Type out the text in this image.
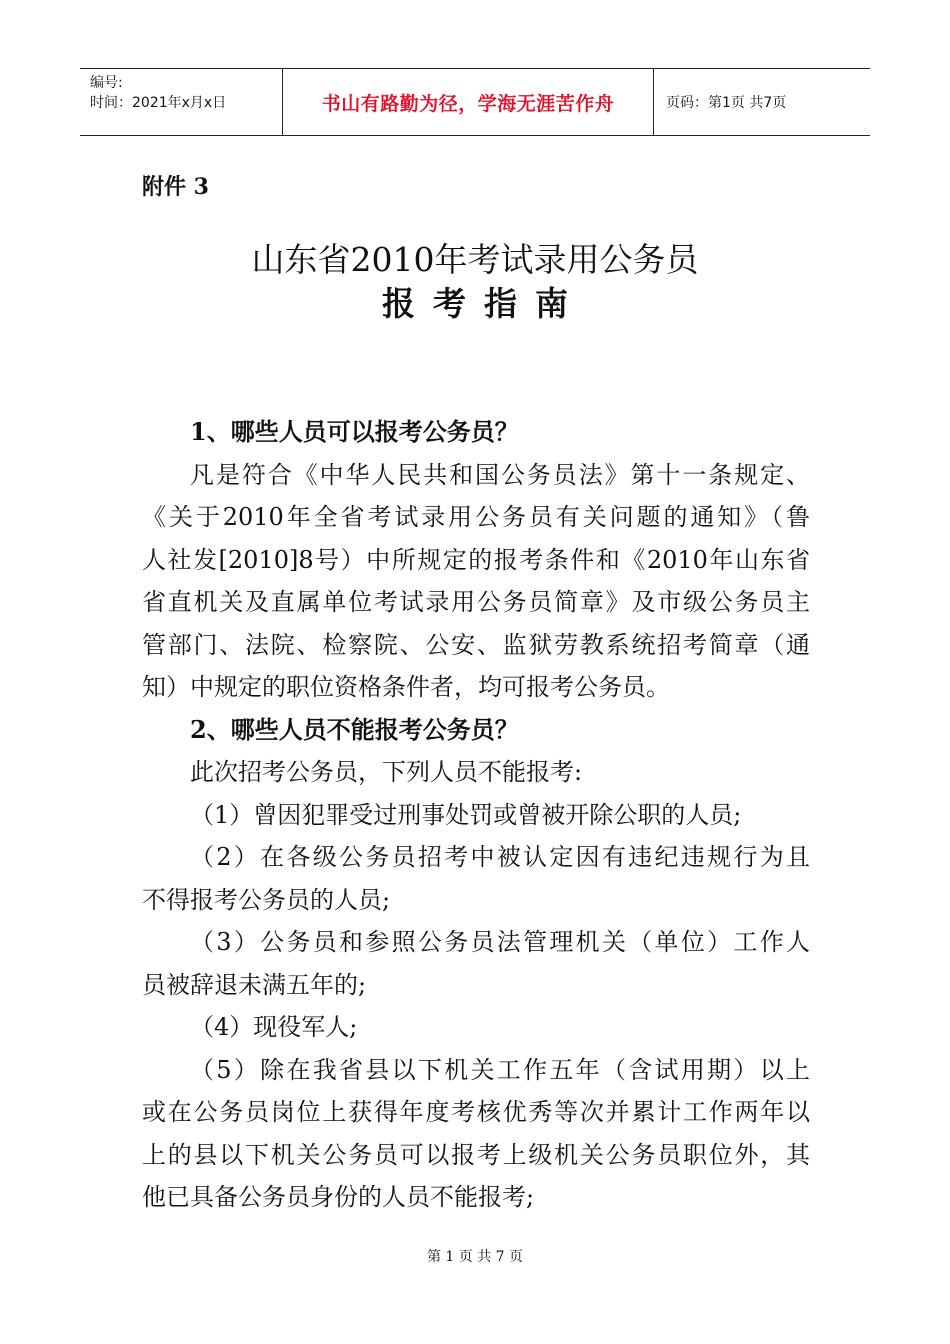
编号:
时间：2021年x月x日	书山有路勤为径，学海无涯苦作舟	页码：第1页 共7页
附件 3
山东省2010年考试录用公务员
报考指南
1、哪些人员可以报考公务员？
凡是符合《中华人民共和国公务员法》第十一条规定、
《关于2010年全省考试录用公务员有关问题的通知》（鲁
人社发[2010]8号）中所规定的报考条件和《2010年山东省
省直机关及直属单位考试录用公务员简章》及市级公务员主
管部门、法院、检察院、公安、监狱劳教系统招考简章（通
知）中规定的职位资格条件者，均可报考公务员。
2、哪些人员不能报考公务员？
此次招考公务员，下列人员不能报考:
（1）曾因犯罪受过刑事处罚或曾被开除公职的人员;
（2）在各级公务员招考中被认定因有违纪违规行为且
不得报考公务员的人员;
（3）公务员和参照公务员法管理机关（单位）工作人
员被辞退未满五年的;
（4）现役军人;
（5）除在我省县以下机关工作五年（含试用期）以上
或在公务员岗位上获得年度考核优秀等次并累计工作两年以
上的县以下机关公务员可以报考上级机关公务员职位外，其
他已具备公务员身份的人员不能报考;
第 1 页 共 7 页
